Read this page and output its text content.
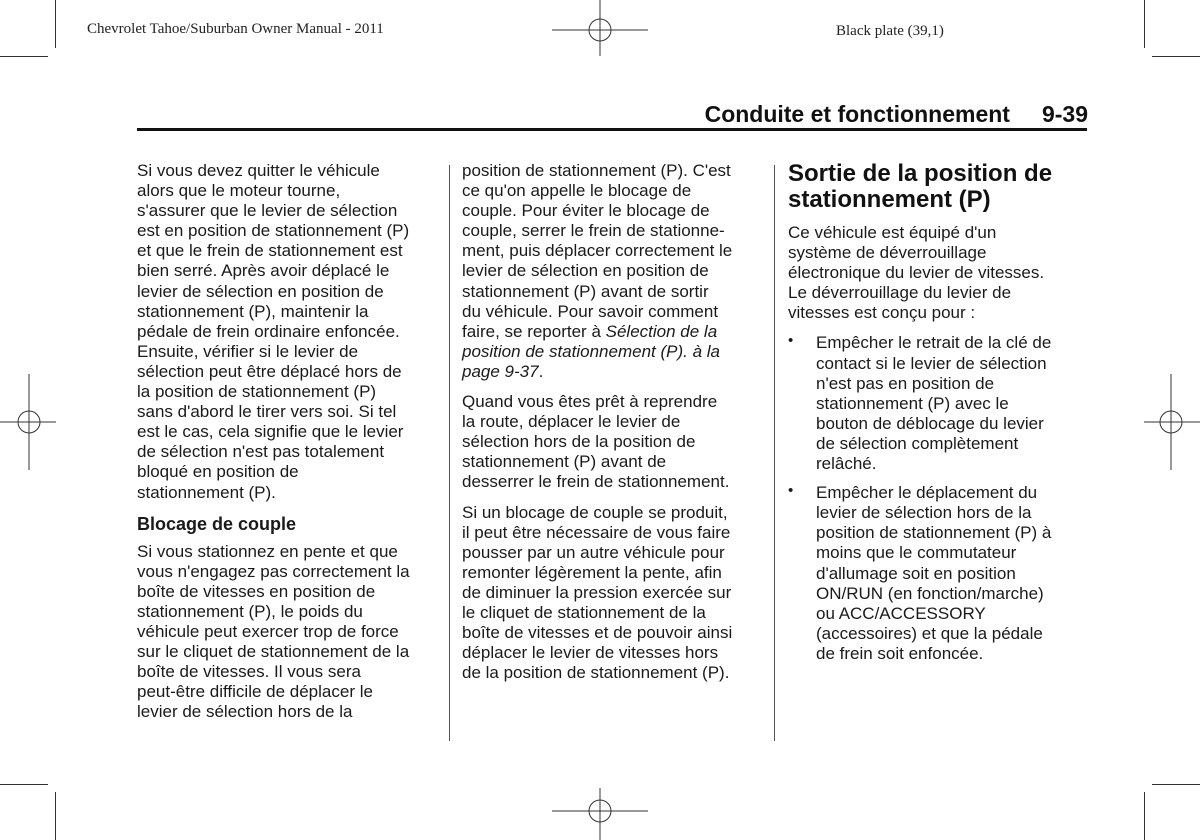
Chevrolet Tahoe/Suburban Owner Manual - 2011	Black plate (39,1)
Conduite et fonctionnement 9-39

Si vous devez quitter le véhicule
alors que le moteur tourne,
s'assurer que le levier de sélection
est en position de stationnement (P)
et que le frein de stationnement est
bien serré. Après avoir déplacé le
levier de sélection en position de
stationnement (P), maintenir la
pédale de frein ordinaire enfoncée.
Ensuite, vérifier si le levier de
sélection peut être déplacé hors de
la position de stationnement (P)
sans d'abord le tirer vers soi. Si tel
est le cas, cela signifie que le levier
de sélection n'est pas totalement
bloqué en position de
stationnement (P).

Blocage de couple

Si vous stationnez en pente et que
vous n'engagez pas correctement la
boîte de vitesses en position de
stationnement (P), le poids du
véhicule peut exercer trop de force
sur le cliquet de stationnement de la
boîte de vitesses. Il vous sera
peut-être difficile de déplacer le
levier de sélection hors de la

position de stationnement (P). C'est
ce qu'on appelle le blocage de
couple. Pour éviter le blocage de
couple, serrer le frein de stationne-
ment, puis déplacer correctement le
levier de sélection en position de
stationnement (P) avant de sortir
du véhicule. Pour savoir comment
faire, se reporter à Sélection de la
position de stationnement (P). à la
page 9-37.

Quand vous êtes prêt à reprendre
la route, déplacer le levier de
sélection hors de la position de
stationnement (P) avant de
desserrer le frein de stationnement.

Si un blocage de couple se produit,
il peut être nécessaire de vous faire
pousser par un autre véhicule pour
remonter légèrement la pente, afin
de diminuer la pression exercée sur
le cliquet de stationnement de la
boîte de vitesses et de pouvoir ainsi
déplacer le levier de vitesses hors
de la position de stationnement (P).

Sortie de la position de
stationnement (P)

Ce véhicule est équipé d'un
système de déverrouillage
électronique du levier de vitesses.
Le déverrouillage du levier de
vitesses est conçu pour :

• Empêcher le retrait de la clé de
contact si le levier de sélection
n'est pas en position de
stationnement (P) avec le
bouton de déblocage du levier
de sélection complètement
relâché.
• Empêcher le déplacement du
levier de sélection hors de la
position de stationnement (P) à
moins que le commutateur
d'allumage soit en position
ON/RUN (en fonction/marche)
ou ACC/ACCESSORY
(accessoires) et que la pédale
de frein soit enfoncée.
